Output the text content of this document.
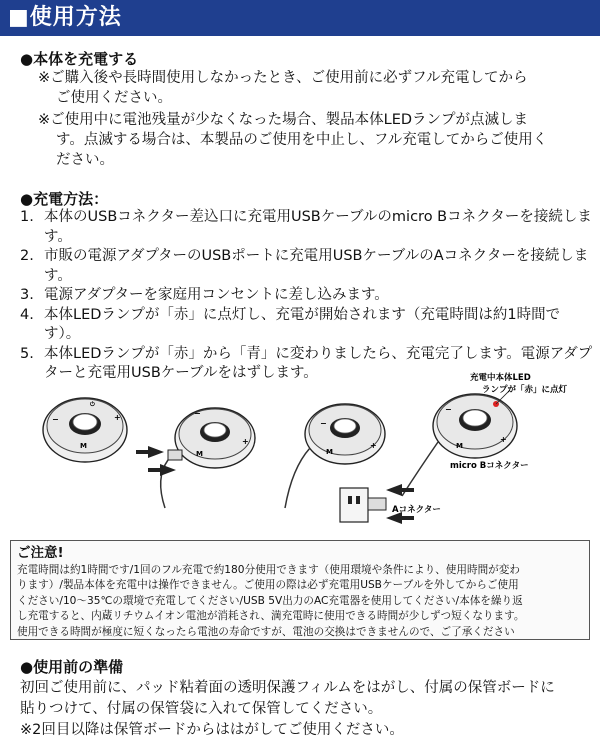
■使用方法
●本体を充電する
※ご購入後や長時間使用しなかったとき、ご使用前に必ずフル充電してから
ご使用ください。
※ご使用中に電池残量が少なくなった場合、製品本体LEDランプが点滅しま
す。点滅する場合は、本製品のご使用を中止し、フル充電してからご使用く
ださい。
●充電方法：
1. 本体のUSBコネクター差込口に充電用USBケーブルのmicro Bコネクターを接続します。
2. 市販の電源アダプターのUSBポートに充電用USBケーブルのAコネクターを接続します。
3. 電源アダプターを家庭用コンセントに差し込みます。
4. 本体LEDランプが「赤」に点灯し、充電が開始されます（充電時間は約1時間です）。
5. 本体LEDランプが「赤」から「青」に変わりましたら、充電完了します。電源アダプターと充電用USBケーブルをはずします。
−	+
M
⏻
−
+
M
−
+
M
−
+
M
充電中本体LED
ランプが「赤」に点灯
micro Bコネクター
Aコネクター
ご注意!
充電時間は約1時間です/1回のフル充電で約180分使用できます（使用環境や条件により、使用時間が変わ
ります）/製品本体を充電中は操作できません。ご使用の際は必ず充電用USBケーブルを外してからご使用
ください/10〜35℃の環境で充電してください/USB 5V出力のAC充電器を使用してください/本体を繰り返
し充電すると、内蔵リチウムイオン電池が消耗され、満充電時に使用できる時間が少しずつ短くなります。
使用できる時間が極度に短くなったら電池の寿命ですが、電池の交換はできませんので、ご了承ください
●使用前の準備
初回ご使用前に、パッド粘着面の透明保護フィルムをはがし、付属の保管ボードに
貼りつけて、付属の保管袋に入れて保管してください。
※2回目以降は保管ボードからははがしてご使用ください。
